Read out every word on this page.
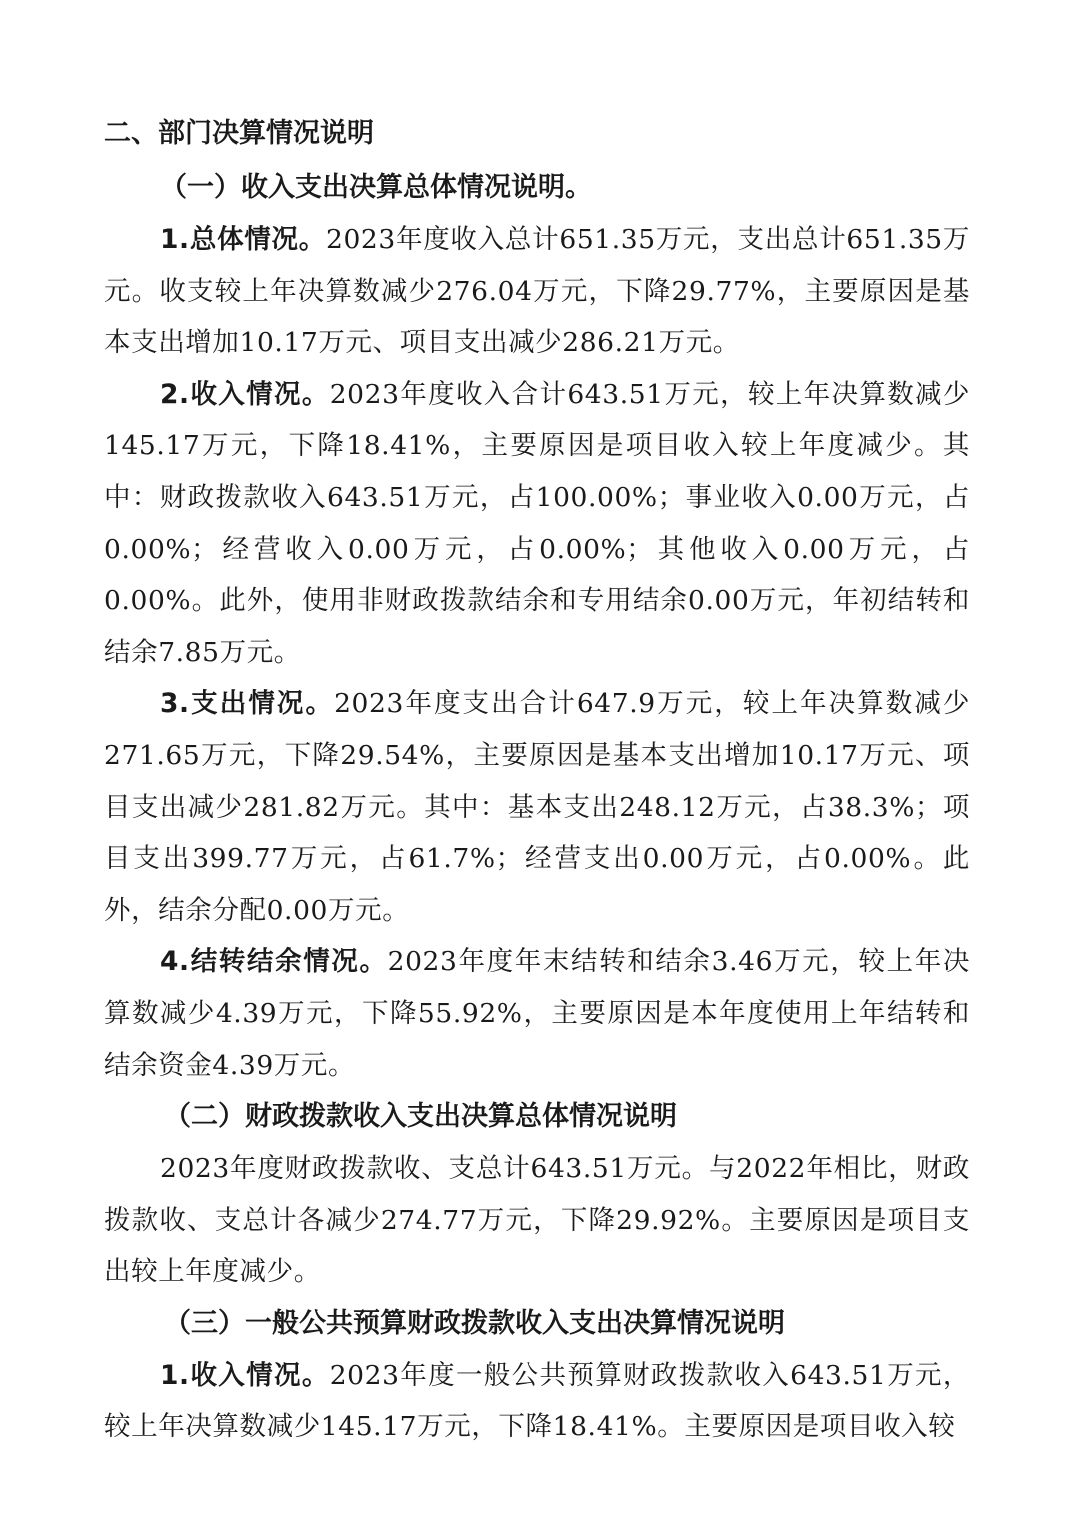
二、部门决算情况说明

（一）收入支出决算总体情况说明。

1.总体情况。2023年度收入总计651.35万元，支出总计651.35万元。收支较上年决算数减少276.04万元，下降29.77%，主要原因是基本支出增加10.17万元、项目支出减少286.21万元。

2.收入情况。2023年度收入合计643.51万元，较上年决算数减少145.17万元，下降18.41%，主要原因是项目收入较上年度减少。其中：财政拨款收入643.51万元，占100.00%；事业收入0.00万元，占0.00%；经营收入0.00万元，占0.00%；其他收入0.00万元，占0.00%。此外，使用非财政拨款结余和专用结余0.00万元，年初结转和结余7.85万元。

3.支出情况。2023年度支出合计647.9万元，较上年决算数减少271.65万元，下降29.54%，主要原因是基本支出增加10.17万元、项目支出减少281.82万元。其中：基本支出248.12万元，占38.3%；项目支出399.77万元，占61.7%；经营支出0.00万元，占0.00%。此外，结余分配0.00万元。

4.结转结余情况。2023年度年末结转和结余3.46万元，较上年决算数减少4.39万元，下降55.92%，主要原因是本年度使用上年结转和结余资金4.39万元。

（二）财政拨款收入支出决算总体情况说明

2023年度财政拨款收、支总计643.51万元。与2022年相比，财政拨款收、支总计各减少274.77万元，下降29.92%。主要原因是项目支出较上年度减少。

（三）一般公共预算财政拨款收入支出决算情况说明

1.收入情况。2023年度一般公共预算财政拨款收入643.51万元，较上年决算数减少145.17万元，下降18.41%。主要原因是项目收入较
